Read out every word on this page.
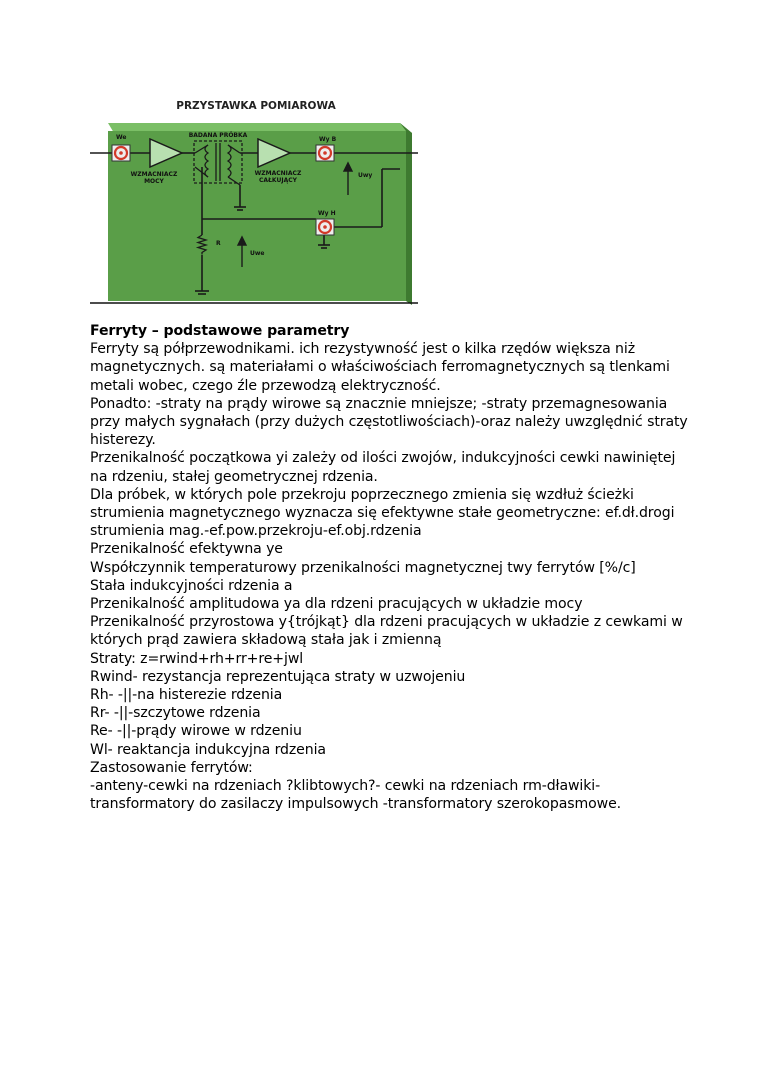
PRZYSTAWKA POMIAROWA
We	BADANA PRÓBKA
Wy B
WZMACNIACZ
MOCY
WZMACNIACZ
CAŁKUJĄCY
Uwy
Wy H
R
Uwe

Ferryty – podstawowe parametry

Ferryty są półprzewodnikami. ich rezystywność jest o kilka rzędów większa niż

magnetycznych. są materiałami o właściwościach ferromagnetycznych są tlenkami

metali wobec, czego źle przewodzą elektryczność.

Ponadto: -straty na prądy wirowe są znacznie mniejsze; -straty przemagnesowania

przy małych sygnałach (przy dużych częstotliwościach)-oraz należy uwzględnić straty

histerezy.

Przenikalność początkowa yi zależy od ilości zwojów, indukcyjności cewki nawiniętej

na rdzeniu, stałej geometrycznej rdzenia.

Dla próbek, w których pole przekroju poprzecznego zmienia się wzdłuż ścieżki

strumienia magnetycznego wyznacza się efektywne stałe geometryczne: ef.dł.drogi

strumienia mag.-ef.pow.przekroju-ef.obj.rdzenia

Przenikalność efektywna ye

Współczynnik temperaturowy przenikalności magnetycznej twy ferrytów [%/c]

Stała indukcyjności rdzenia a

Przenikalność amplitudowa ya dla rdzeni pracujących w układzie mocy

Przenikalność przyrostowa y{trójkąt} dla rdzeni pracujących w układzie z cewkami w

których prąd zawiera składową stała jak i zmienną

Straty: z=rwind+rh+rr+re+jwl

Rwind- rezystancja reprezentująca straty w uzwojeniu

Rh- -||-na histerezie rdzenia

Rr- -||-szczytowe rdzenia

Re- -||-prądy wirowe w rdzeniu

Wl- reaktancja indukcyjna rdzenia

Zastosowanie ferrytów:

-anteny-cewki na rdzeniach ?klibtowych?- cewki na rdzeniach rm-dławiki-

transformatory do zasilaczy impulsowych -transformatory szerokopasmowe.
